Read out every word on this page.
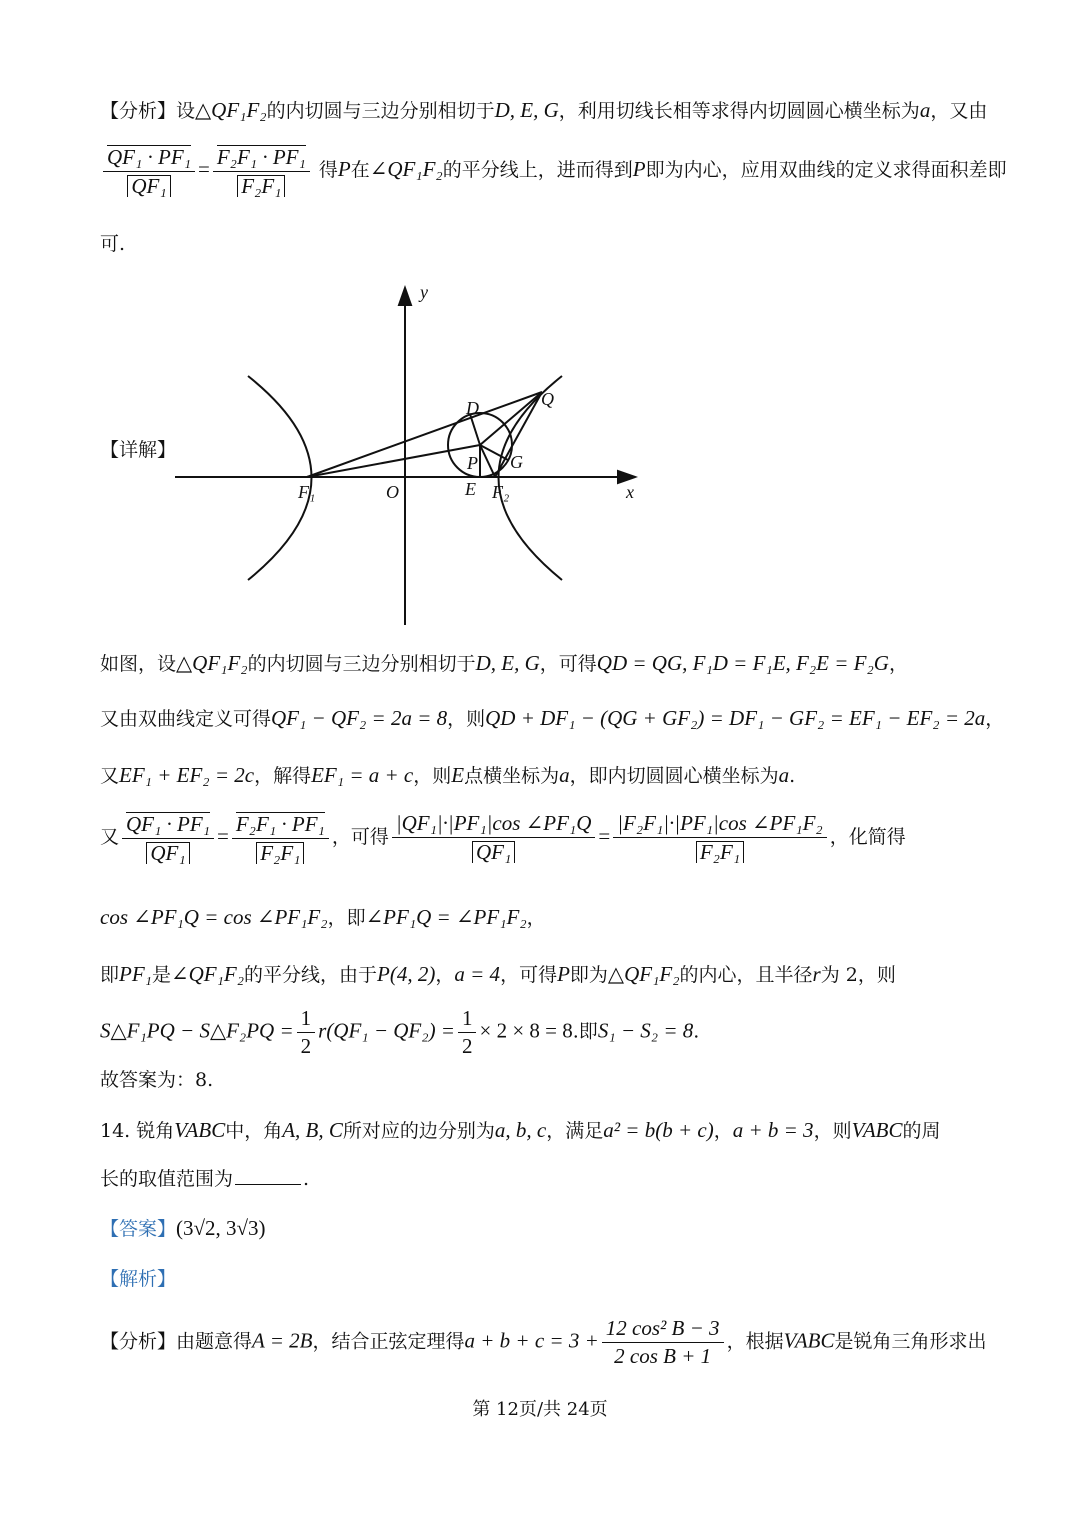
【分析】设△QF₁F₂的内切圆与三边分别相切于D, E, G，利用切线长相等求得内切圆圆心横坐标为a，又由
$\frac{\text{QF₁ · PF₁}}{\text{QF₁}} = \frac{\text{F₂F₁ · PF₁}}{\text{F₂F₁}}$ 得P在∠QF₁F₂的平分线上，进而得到P即为内心，应用双曲线的定义求得面积差即
可.
【详解】
y
x
O
F₁	F₂
E
D	Q
P G
如图，设△QF₁F₂的内切圆与三边分别相切于D, E, G，可得QD = QG, F₁D = F₁E, F₂E = F₂G，
又由双曲线定义可得QF₁ − QF₂ = 2a = 8，则QD + DF₁ − (QG + GF₂) = DF₁ − GF₂ = EF₁ − EF₂ = 2a，
又EF₁ + EF₂ = 2c，解得EF₁ = a + c，则E点横坐标为a，即内切圆圆心横坐标为a.
又 $\frac{\text{QF₁ · PF₁}}{\text{QF₁}} = \frac{\text{F₂F₁ · PF₁}}{\text{F₂F₁}}$ ，可得 $\frac{\text{|QF₁|·|PF₁|cos ∠PF₁Q}}{\text{QF₁}} = \frac{\text{|F₂F₁|·|PF₁|cos ∠PF₁F₂}}{\text{F₂F₁}}$ ，化简得
cos ∠PF₁Q = cos ∠PF₁F₂，即∠PF₁Q = ∠PF₁F₂，
即PF₁是∠QF₁F₂的平分线，由于P(4, 2)，a = 4，可得P即为△QF₁F₂的内心，且半径r为 2，则
S△F₁PQ − S△F₂PQ = $\frac{1}{2} r(QF_1 - QF_2) = \frac{1}{2} \times 2 \times 8 = 8$.即S₁ − S₂ = 8.
故答案为：8.
14. 锐角VABC中，角A, B, C所对应的边分别为a, b, c，满足a² = b(b + c)，a + b = 3，则VABC的周
长的取值范围为	.
【答案】(3√2, 3√3)
【解析】
【分析】由题意得A = 2B，结合正弦定理得$a + b + c = 3 + \frac{\text{12 cos² B − 3}}{\text{2 cos B + 1}}$ ，根据VABC是锐角三角形求出
第 12页/共 24页
